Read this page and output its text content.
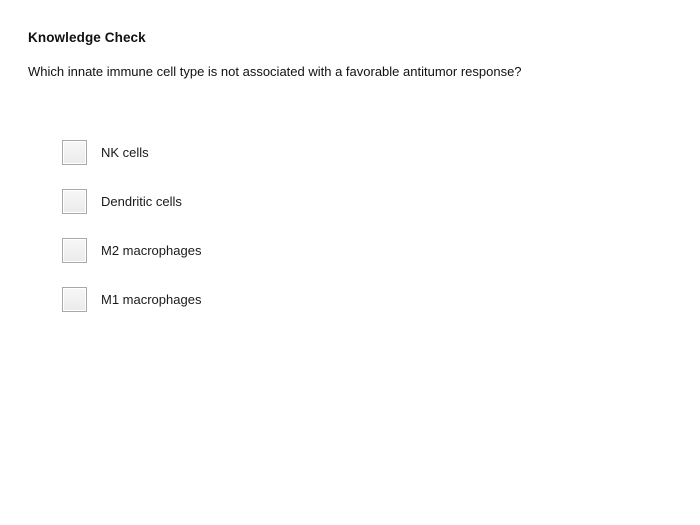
Knowledge Check
Which innate immune cell type is not associated with a favorable antitumor response?
NK cells
Dendritic cells
M2 macrophages
M1 macrophages
